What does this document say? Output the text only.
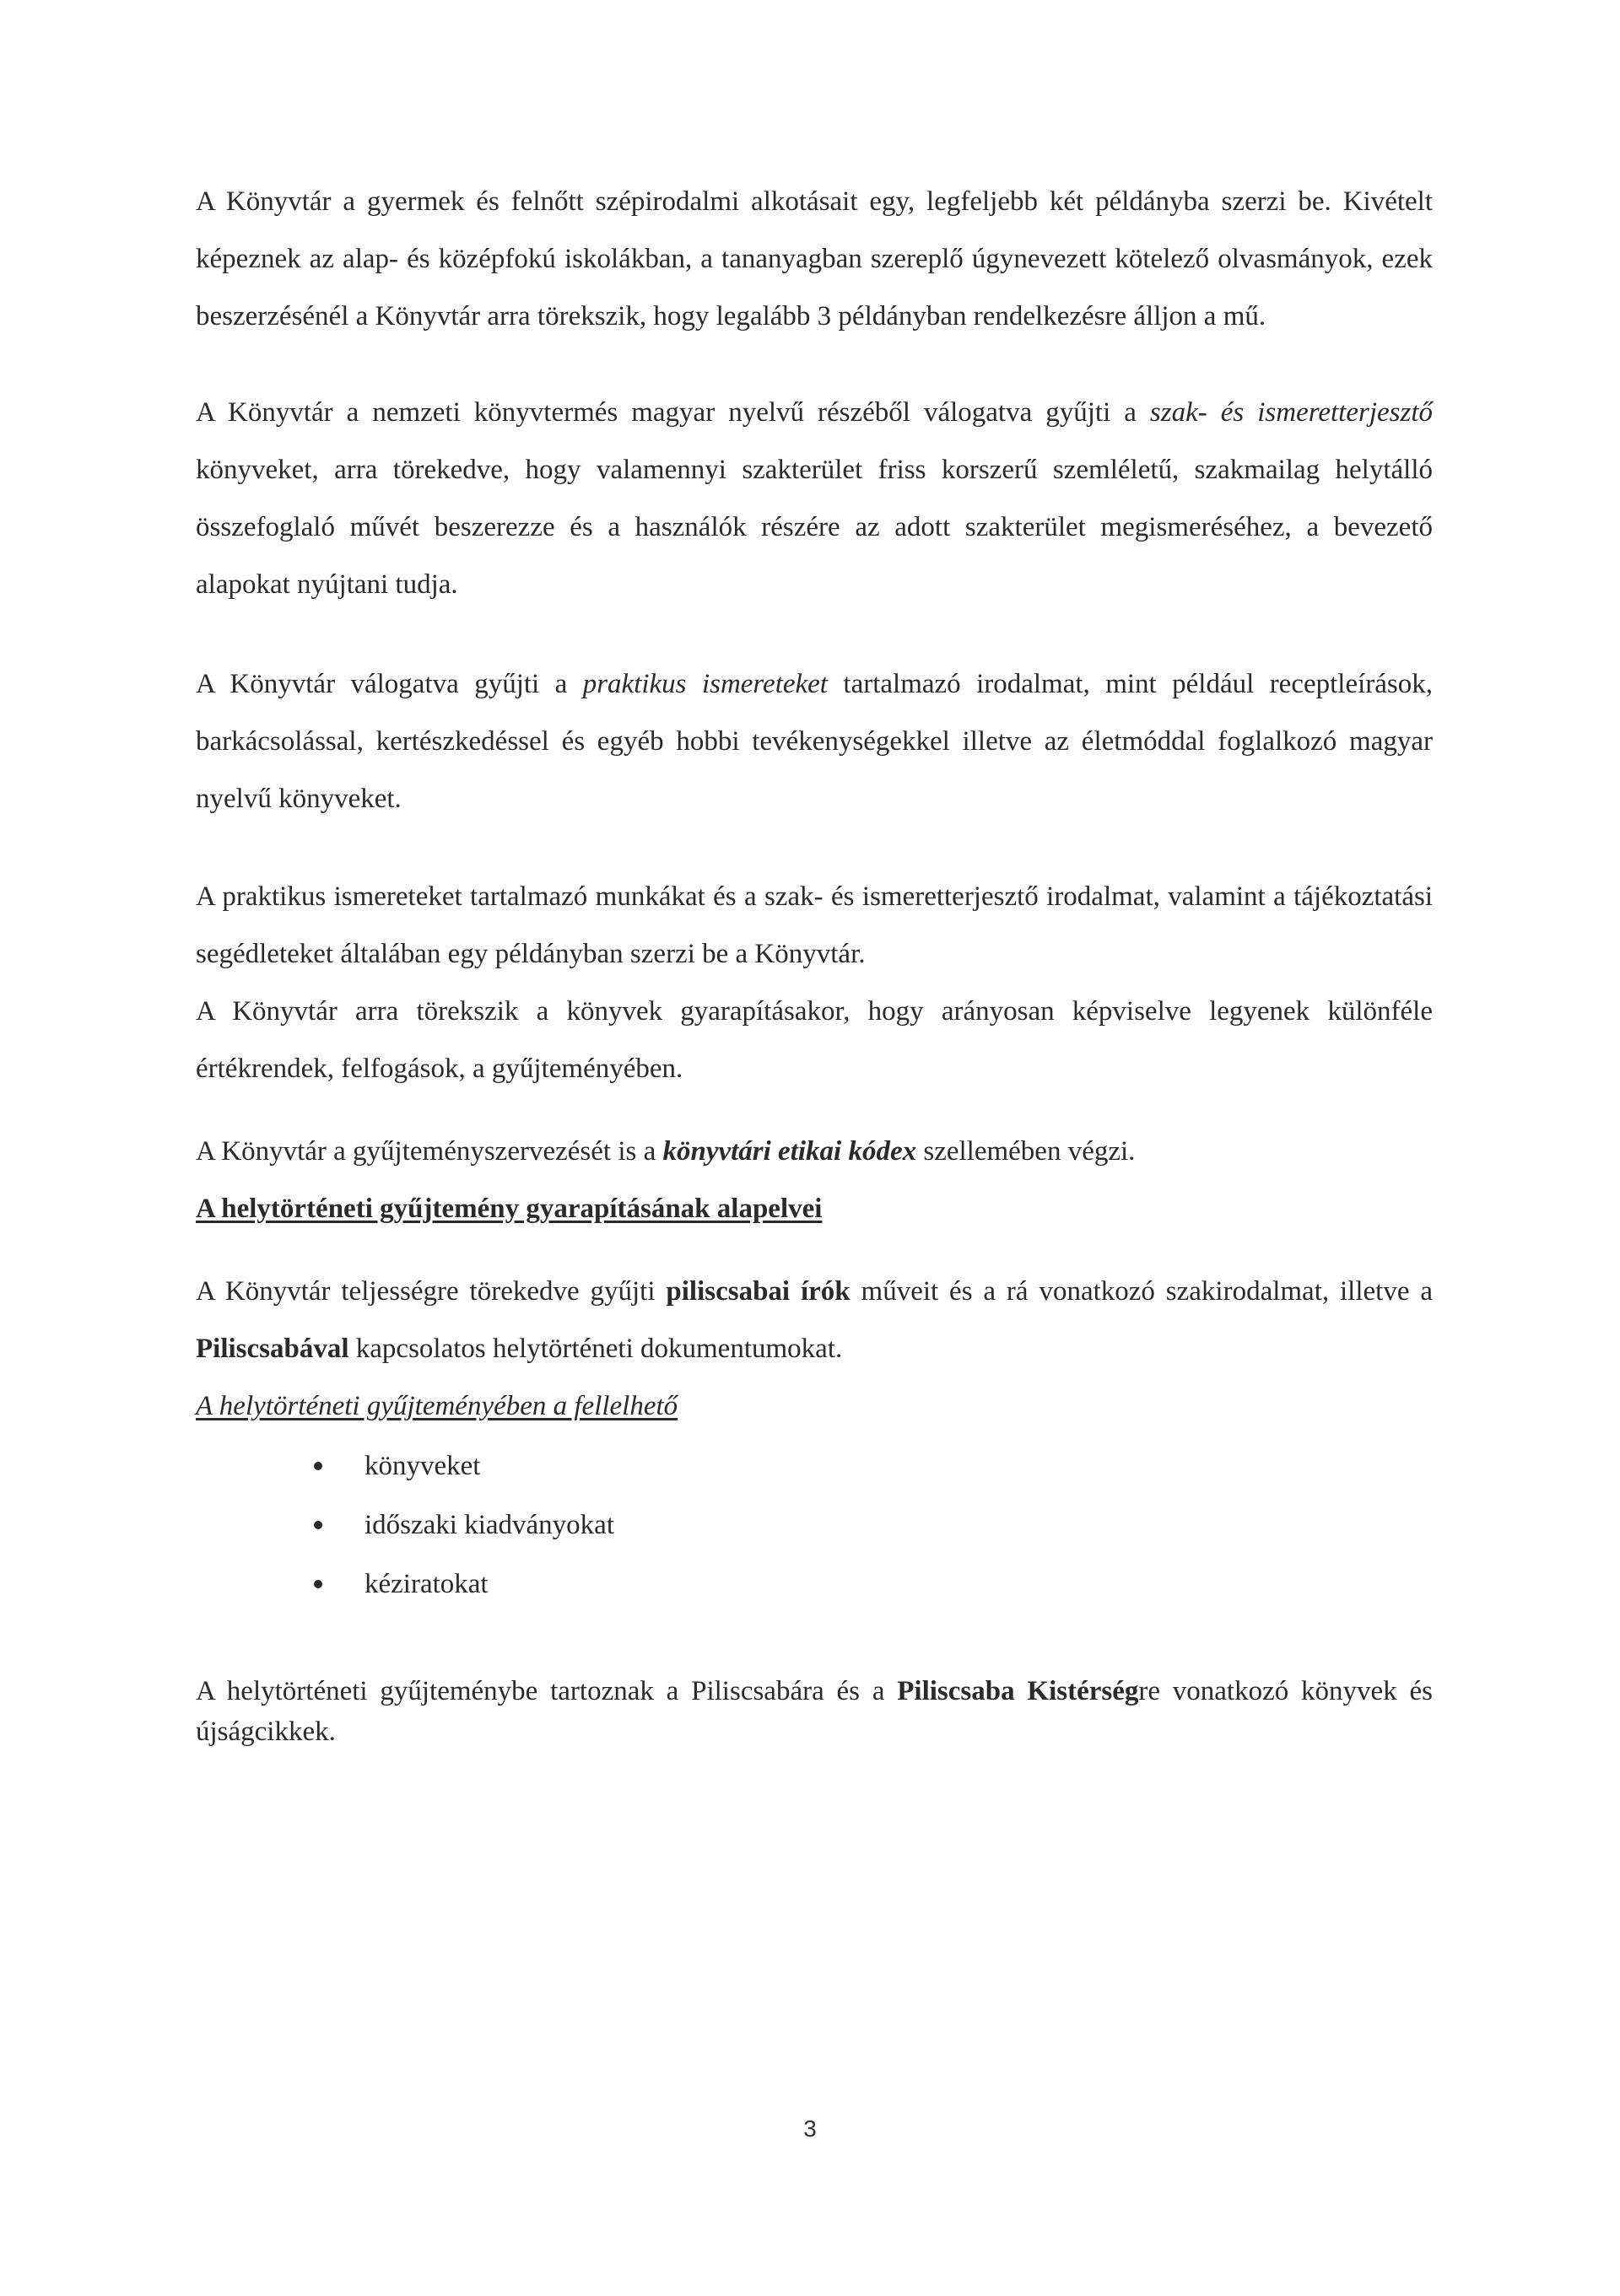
A Könyvtár a gyermek és felnőtt szépirodalmi alkotásait egy, legfeljebb két példányba szerzi be. Kivételt képeznek az alap- és középfokú iskolákban, a tananyagban szereplő úgynevezett kötelező olvasmányok, ezek beszerzésénél a Könyvtár arra törekszik, hogy legalább 3 példányban rendelkezésre álljon a mű.

A Könyvtár a nemzeti könyvtermés magyar nyelvű részéből válogatva gyűjti a szak- és ismeretterjesztő könyveket, arra törekedve, hogy valamennyi szakterület friss korszerű szemléletű, szakmailag helytálló összefoglaló művét beszerezze és a használók részére az adott szakterület megismeréséhez, a bevezető alapokat nyújtani tudja.

A Könyvtár válogatva gyűjti a praktikus ismereteket tartalmazó irodalmat, mint például receptleírások, barkácsolással, kertészkedéssel és egyéb hobbi tevékenységekkel illetve az életmóddal foglalkozó magyar nyelvű könyveket.

A praktikus ismereteket tartalmazó munkákat és a szak- és ismeretterjesztő irodalmat, valamint a tájékoztatási segédleteket általában egy példányban szerzi be a Könyvtár.

A Könyvtár arra törekszik a könyvek gyarapításakor, hogy arányosan képviselve legyenek különféle értékrendek, felfogások, a gyűjteményében.

A Könyvtár a gyűjteményszervezését is a könyvtári etikai kódex szellemében végzi.

A helytörténeti gyűjtemény gyarapításának alapelvei

A Könyvtár teljességre törekedve gyűjti piliscsabai írók műveit és a rá vonatkozó szakirodalmat, illetve a Piliscsabával kapcsolatos helytörténeti dokumentumokat.

A helytörténeti gyűjteményében a fellelhető

könyveket
időszaki kiadványokat
kéziratokat

A helytörténeti gyűjteménybe tartoznak a Piliscsabára és a Piliscsaba Kistérségre vonatkozó könyvek és újságcikkek.

3
